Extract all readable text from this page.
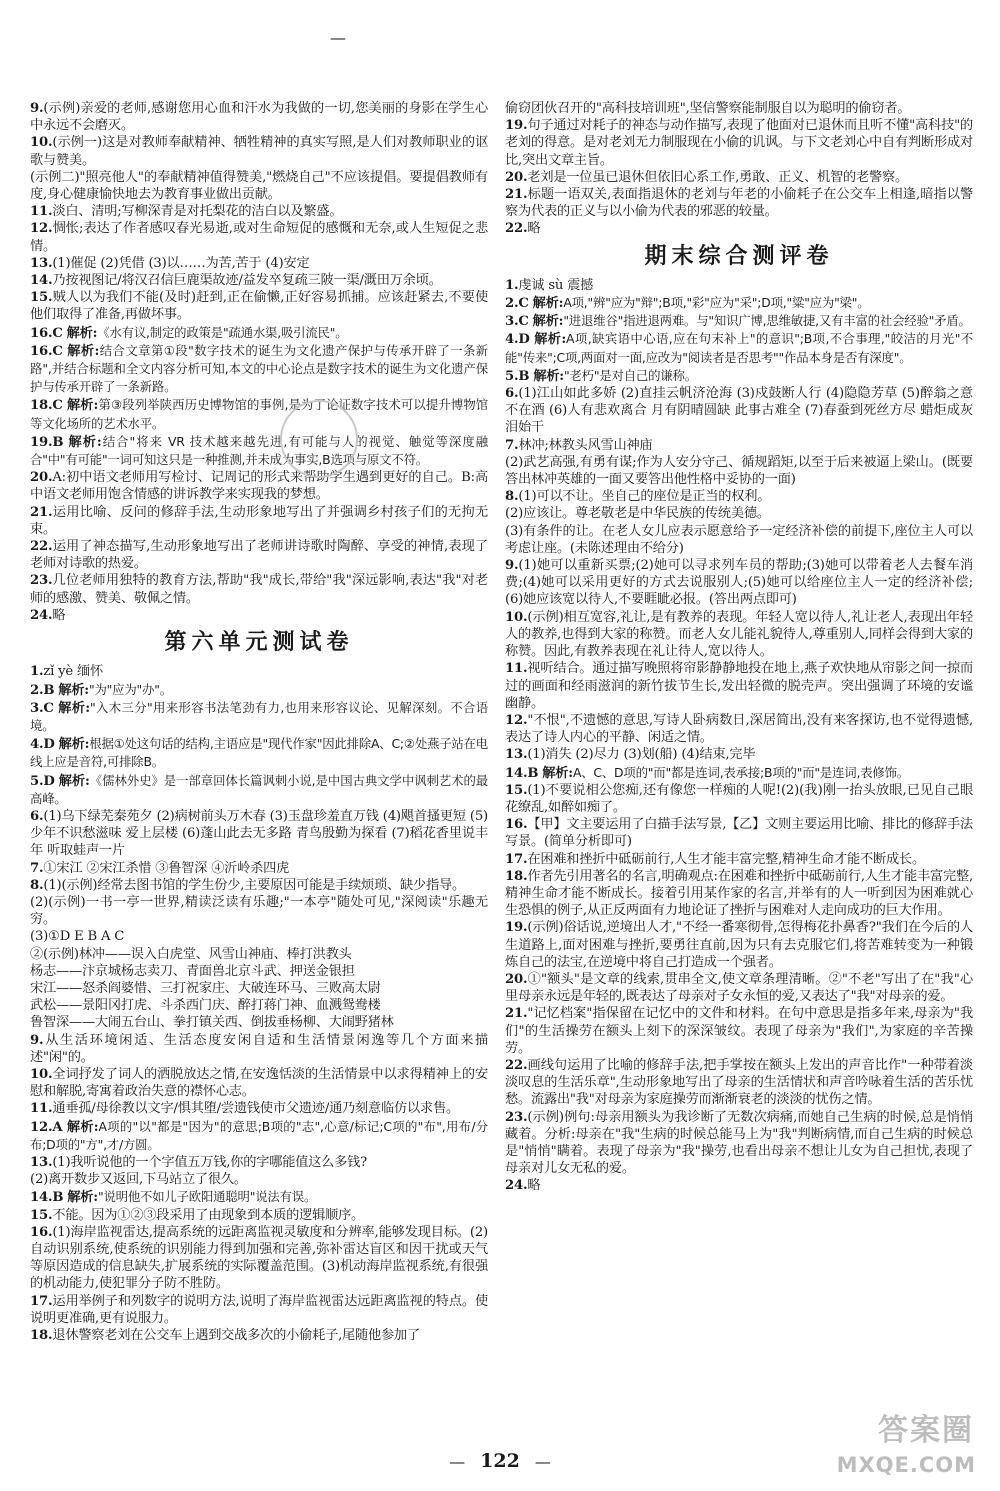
—

9.(示例)亲爱的老师,感谢您用心血和汗水为我做的一切,您美丽的身影在学生心中永远不会磨灭。

10.(示例一)这是对教师奉献精神、牺牲精神的真实写照,是人们对教师职业的讴歌与赞美。

(示例二)"照亮他人"的奉献精神值得赞美,"燃烧自己"不应该提倡。要提倡教师有度,身心健康愉快地去为教育事业做出贡献。

11.淡白、清明;写柳深青是对托梨花的洁白以及繁盛。

12.惆怅;表达了作者感叹春光易逝,或对生命短促的感慨和无奈,或人生短促之悲情。

13.(1)催促 (2)凭借 (3)以……为苦,苦于 (4)安定

14.乃按视图记/将汉召信巨鹿渠故迹/益发卒复疏三陂一渠/溉田万余顷。

15.贼人以为我们不能(及时)赶到,正在偷懒,正好容易抓捕。应该赶紧去,不要使他们取得了准备,再做坏事。

16.C 解析:《水有议,制定的政策是"疏通水渠,吸引流民"。

16.C 解析:结合文章第①段"数字技术的诞生为文化遗产保护与传承开辟了一条新路",并结合标题和全文内容分析可知,本文的中心论点是数字技术的诞生为文化遗产保护与传承开辟了一条新路。

18.C 解析:第③段列举陕西历史博物馆的事例,是为了论证数字技术可以提升博物馆等文化场所的艺术水平。

19.B 解析:结合"将来 VR 技术越来越先进,有可能与人的视觉、触觉等深度融合"中"有可能"一词可知这只是一种推测,并未成为事实,B选项与原文不符。

20.A:初中语文老师用写检讨、记周记的形式来帮助学生遇到更好的自己。B:高中语文老师用饱含情感的讲诉教学来实现我的梦想。

21.运用比喻、反问的修辞手法,生动形象地写出了并强调乡村孩子们的无拘无束。

22.运用了神态描写,生动形象地写出了老师讲诗歌时陶醉、享受的神情,表现了老师对诗歌的热爱。

23.几位老师用独特的教育方法,帮助"我"成长,带给"我"深远影响,表达"我"对老师的感激、赞美、敬佩之情。

24.略

第六单元测试卷

1.zǐ yè 缅怀

2.B 解析:"为"应为"办"。

3.C 解析:"入木三分"用来形容书法笔劲有力,也用来形容议论、见解深刻。不合语境。

4.D 解析:根据①处这句话的结构,主语应是"现代作家"因此排除A、C;②处燕子站在电线上应是音符,可排除B。

5.D 解析:《儒林外史》是一部章回体长篇讽刺小说,是中国古典文学中讽刺艺术的最高峰。

6.(1)乌下绿芜秦苑夕 (2)病树前头万木春 (3)玉盘珍羞直万钱 (4)飓首搔更短 (5)少年不识愁滋味 爱上层楼 (6)蓬山此去无多路 青鸟殷勤为探看 (7)稻花香里说丰年 听取蛙声一片

7.①宋江 ②宋江杀惜 ③鲁智深 ④沂岭杀四虎

8.(1)(示例)经常去图书馆的学生份少,主要原因可能是手续烦琐、缺少指导。

(2)(示例)一书一亭一世界,精读泛读有乐趣;"一本亭"随处可见,"深阅读"乐趣无穷。

(3)①D E B A C

②(示例)林冲——误入白虎堂、风雪山神庙、棒打洪教头

杨志——汴京城杨志卖刀、青面兽北京斗武、押送金银担

宋江——怒杀阎婆惜、三打祝家庄、大破连环马、三败高太尉

武松——景阳冈打虎、斗杀西门庆、醉打蒋门神、血溅鸳鸯楼

鲁智深——大闹五台山、拳打镇关西、倒拔垂杨柳、大闹野猪林

9.从生活环境闲适、生活态度安闲自适和生活情景闲逸等几个方面来描述"闲"的。

10.全词抒发了词人的洒脱放达之情,在安逸恬淡的生活情景中以求得精神上的安慰和解脱,寄寓着政治失意的襟怀心志。

11.通垂孤/母徐教以文字/惧其堕/尝遗钱使市父遗迹/通乃刻意临仿以求售。

12.A 解析:A项的"以"都是"因为"的意思;B项的"志",心意/标记;C项的"布",用布/分布;D项的"方",才/方圆。

13.(1)我听说他的一个字值五万钱,你的字哪能值这么多钱?

(2)离开数步又返回,下马站立了很久。

14.B 解析:"说明他不如儿子欧阳通聪明"说法有误。

15.不能。因为①②③段采用了由现象到本质的逻辑顺序。

16.(1)海岸监视雷达,提高系统的远距离监视灵敏度和分辨率,能够发现目标。(2)自动识别系统,使系统的识别能力得到加强和完善,弥补雷达盲区和因干扰或天气等原因造成的信息缺失,扩展系统的实际覆盖范围。(3)机动海岸监视系统,有很强的机动能力,使犯罪分子防不胜防。

17.运用举例子和列数字的说明方法,说明了海岸监视雷达远距离监视的特点。使说明更准确,更有说服力。

18.退休警察老刘在公交车上遇到交战多次的小偷耗子,尾随他参加了

偷窃团伙召开的"高科技培训班",坚信警察能制服自以为聪明的偷窃者。

19.句子通过对耗子的神态与动作描写,表现了他面对已退休而且听不懂"高科技"的老刘的得意。是对老刘无力制服现在小偷的讥讽。与下文老刘心中自有判断形成对比,突出文章主旨。

20.老刘是一位虽已退休但依旧心系工作,勇敢、正义、机智的老警察。

21.标题一语双关,表面指退休的老刘与年老的小偷耗子在公交车上相逢,暗指以警察为代表的正义与以小偷为代表的邪恶的较量。

22.略

期末综合测评卷

1.虔诚 sù 震撼

2.C 解析:A项,"辨"应为"辩";B项,"彩"应为"采";D项,"粱"应为"梁"。

3.C 解析:"进退维谷"指进退两难。与"知识广博,思维敏捷,又有丰富的社会经验"矛盾。

4.D 解析:A项,缺宾语中心语,应在句末补上"的意识";B项,不合事理,"皎洁的月光"不能"传来";C项,两面对一面,应改为"阅读者是否思考""作品本身是否有深度"。

5.B 解析:"老朽"是对自己的谦称。

6.(1)江山如此多娇 (2)直挂云帆济沧海 (3)戍鼓断人行 (4)隐隐芳草 (5)醉翁之意不在酒 (6)人有悲欢离合 月有阴晴圆缺 此事古难全 (7)春蚕到死丝方尽 蜡炬成灰泪始干

7.林冲;林教头风雪山神庙

(2)武艺高强,有勇有谋;作为人安分守己、循规蹈矩,以至于后来被逼上梁山。(既要答出林冲英雄的一面又要答出他性格中妥协的一面)

8.(1)可以不让。坐自己的座位是正当的权利。

(2)应该让。尊老敬老是中华民族的传统美德。

(3)有条件的让。在老人女儿应表示愿意给予一定经济补偿的前提下,座位主人可以考虑让座。(未陈述理由不给分)

9.(1)她可以重新买票;(2)她可以寻求列车员的帮助;(3)她可以带着老人去餐车消费;(4)她可以采用更好的方式去说服别人;(5)她可以给座位主人一定的经济补偿;(6)她应该宽以待人,不要睚眦必报。(答出两点即可)

10.(示例)相互宽容,礼让,是有教养的表现。年轻人宽以待人,礼让老人,表现出年轻人的教养,也得到大家的称赞。而老人女儿能礼貌待人,尊重别人,同样会得到大家的称赞。因此,有教养表现在礼让待人,宽以待人。

11.视听结合。通过描写晚照将帘影静静地投在地上,燕子欢快地从帘影之间一掠而过的画面和经雨滋润的新竹拔节生长,发出轻微的脱壳声。突出强调了环境的安谧幽静。

12."不恨",不遗憾的意思,写诗人卧病数日,深居简出,没有来客探访,也不觉得遗憾,表达了诗人内心的平静、闲适之情。

13.(1)消失 (2)尽力 (3)划(船) (4)结束,完毕

14.B 解析:A、C、D项的"而"都是连词,表承接;B项的"而"是连词,表修饰。

15.(1)不要说相公您痴,还有像您一样痴的人呢!(2)(我)刚一抬头放眼,已见自己眼花缭乱,如醉如痴了。

16.【甲】文主要运用了白描手法写景,【乙】文则主要运用比喻、排比的修辞手法写景。(简单分析即可)

17.在困难和挫折中砥砺前行,人生才能丰富完整,精神生命才能不断成长。

18.作者先引用著名的名言,明确观点:在困难和挫折中砥砺前行,人生才能丰富完整,精神生命才能不断成长。接着引用某作家的名言,并举有的人一听到因为困难就心生恐惧的例子,从正反两面有力地论证了挫折与困难对人走向成功的巨大作用。

19.(示例)俗话说,逆境出人才,"不经一番寒彻骨,怎得梅花扑鼻香?"我们在今后的人生道路上,面对困难与挫折,要勇往直前,因为只有去克服它们,将苦难转变为一种锻炼自己的法宝,在逆境中将自己打造成一个强者。

20.①"额头"是文章的线索,贯串全文,使文章条理清晰。②"不老"写出了在"我"心里母亲永远是年轻的,既表达了母亲对子女永恒的爱,又表达了"我"对母亲的爱。

21."记忆档案"指保留在记忆中的文件和材料。在句中意思是指多年来,母亲为"我们"的生活操劳在额头上刻下的深深皱纹。表现了母亲为"我们",为家庭的辛苦操劳。

22.画线句运用了比喻的修辞手法,把手掌按在额头上发出的声音比作"一种带着淡淡叹息的生活乐章",生动形象地写出了母亲的生活情状和声音吟咏着生活的苦乐忧愁。流露出"我"对母亲为家庭操劳而渐渐衰老的淡淡的忧伤之情。

23.(示例)例句:母亲用额头为我诊断了无数次病痛,而她自己生病的时候,总是悄悄藏着。分析:母亲在"我"生病的时候总能马上为"我"判断病情,而自己生病的时候总是"悄悄"瞒着。表现了母亲为"我"操劳,也看出母亲不想让儿女为自己担忧,表现了母亲对儿女无私的爱。

24.略

— 122 —
答案圈
MXQE.COM
